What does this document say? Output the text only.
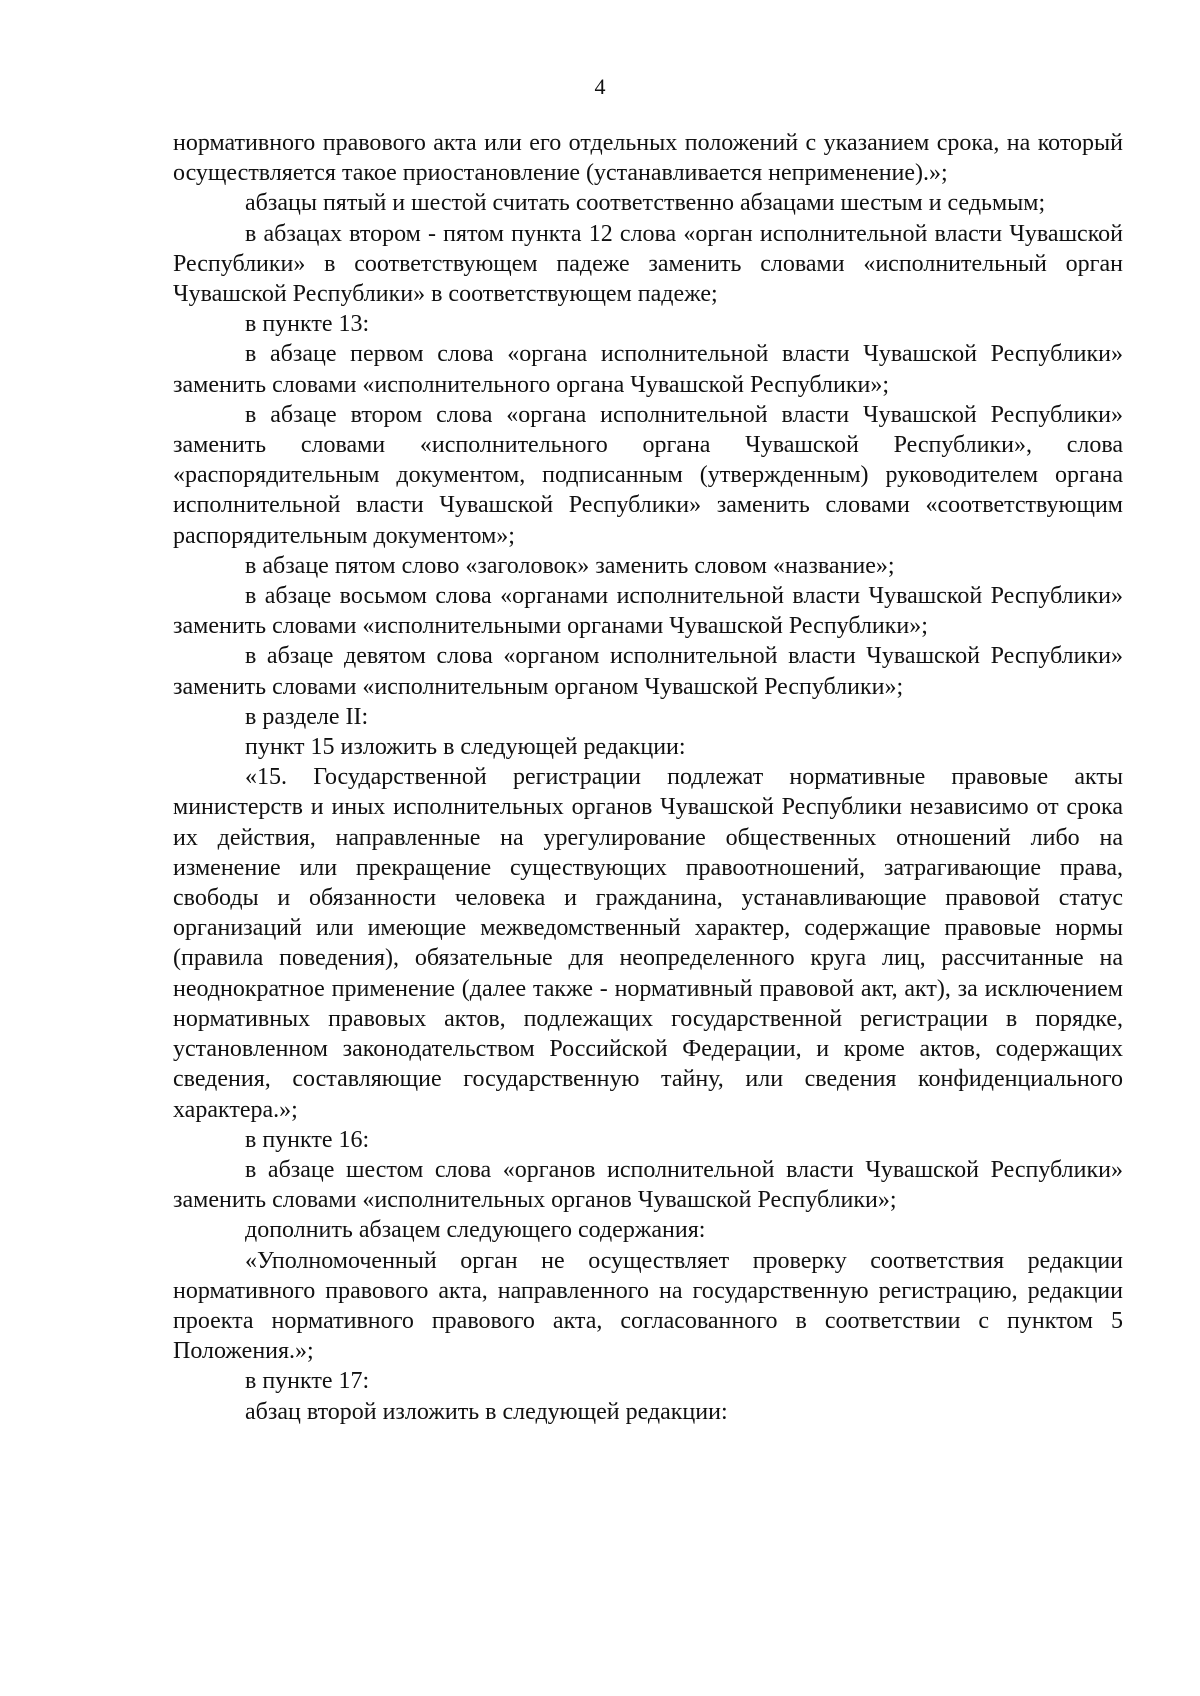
4

нормативного правового акта или его отдельных положений с указанием срока, на который осуществляется такое приостановление (устанавливается неприменение).»;

абзацы пятый и шестой считать соответственно абзацами шестым и седьмым;

в абзацах втором - пятом пункта 12 слова «орган исполнительной власти Чувашской Республики» в соответствующем падеже заменить словами «исполнительный орган Чувашской Республики» в соответствующем падеже;

в пункте 13:

в абзаце первом слова «органа исполнительной власти Чувашской Республики» заменить словами «исполнительного органа Чувашской Республики»;

в абзаце втором слова «органа исполнительной власти Чувашской Республики» заменить словами «исполнительного органа Чувашской Республики», слова «распорядительным документом, подписанным (утвержденным) руководителем органа исполнительной власти Чувашской Республики» заменить словами «соответствующим распорядительным документом»;

в абзаце пятом слово «заголовок» заменить словом «название»;

в абзаце восьмом слова «органами исполнительной власти Чувашской Республики» заменить словами «исполнительными органами Чувашской Республики»;

в абзаце девятом слова «органом исполнительной власти Чувашской Республики» заменить словами «исполнительным органом Чувашской Республики»;

в разделе II:

пункт 15 изложить в следующей редакции:

«15. Государственной регистрации подлежат нормативные правовые акты министерств и иных исполнительных органов Чувашской Республики независимо от срока их действия, направленные на урегулирование общественных отношений либо на изменение или прекращение существующих правоотношений, затрагивающие права, свободы и обязанности человека и гражданина, устанавливающие правовой статус организаций или имеющие межведомственный характер, содержащие правовые нормы (правила поведения), обязательные для неопределенного круга лиц, рассчитанные на неоднократное применение (далее также - нормативный правовой акт, акт), за исключением нормативных правовых актов, подлежащих государственной регистрации в порядке, установленном законодательством Российской Федерации, и кроме актов, содержащих сведения, составляющие государственную тайну, или сведения конфиденциального характера.»;

в пункте 16:

в абзаце шестом слова «органов исполнительной власти Чувашской Республики» заменить словами «исполнительных органов Чувашской Республики»;

дополнить абзацем следующего содержания:

«Уполномоченный орган не осуществляет проверку соответствия редакции нормативного правового акта, направленного на государственную регистрацию, редакции проекта нормативного правового акта, согласованного в соответствии с пунктом 5 Положения.»;

в пункте 17:

абзац второй изложить в следующей редакции:
